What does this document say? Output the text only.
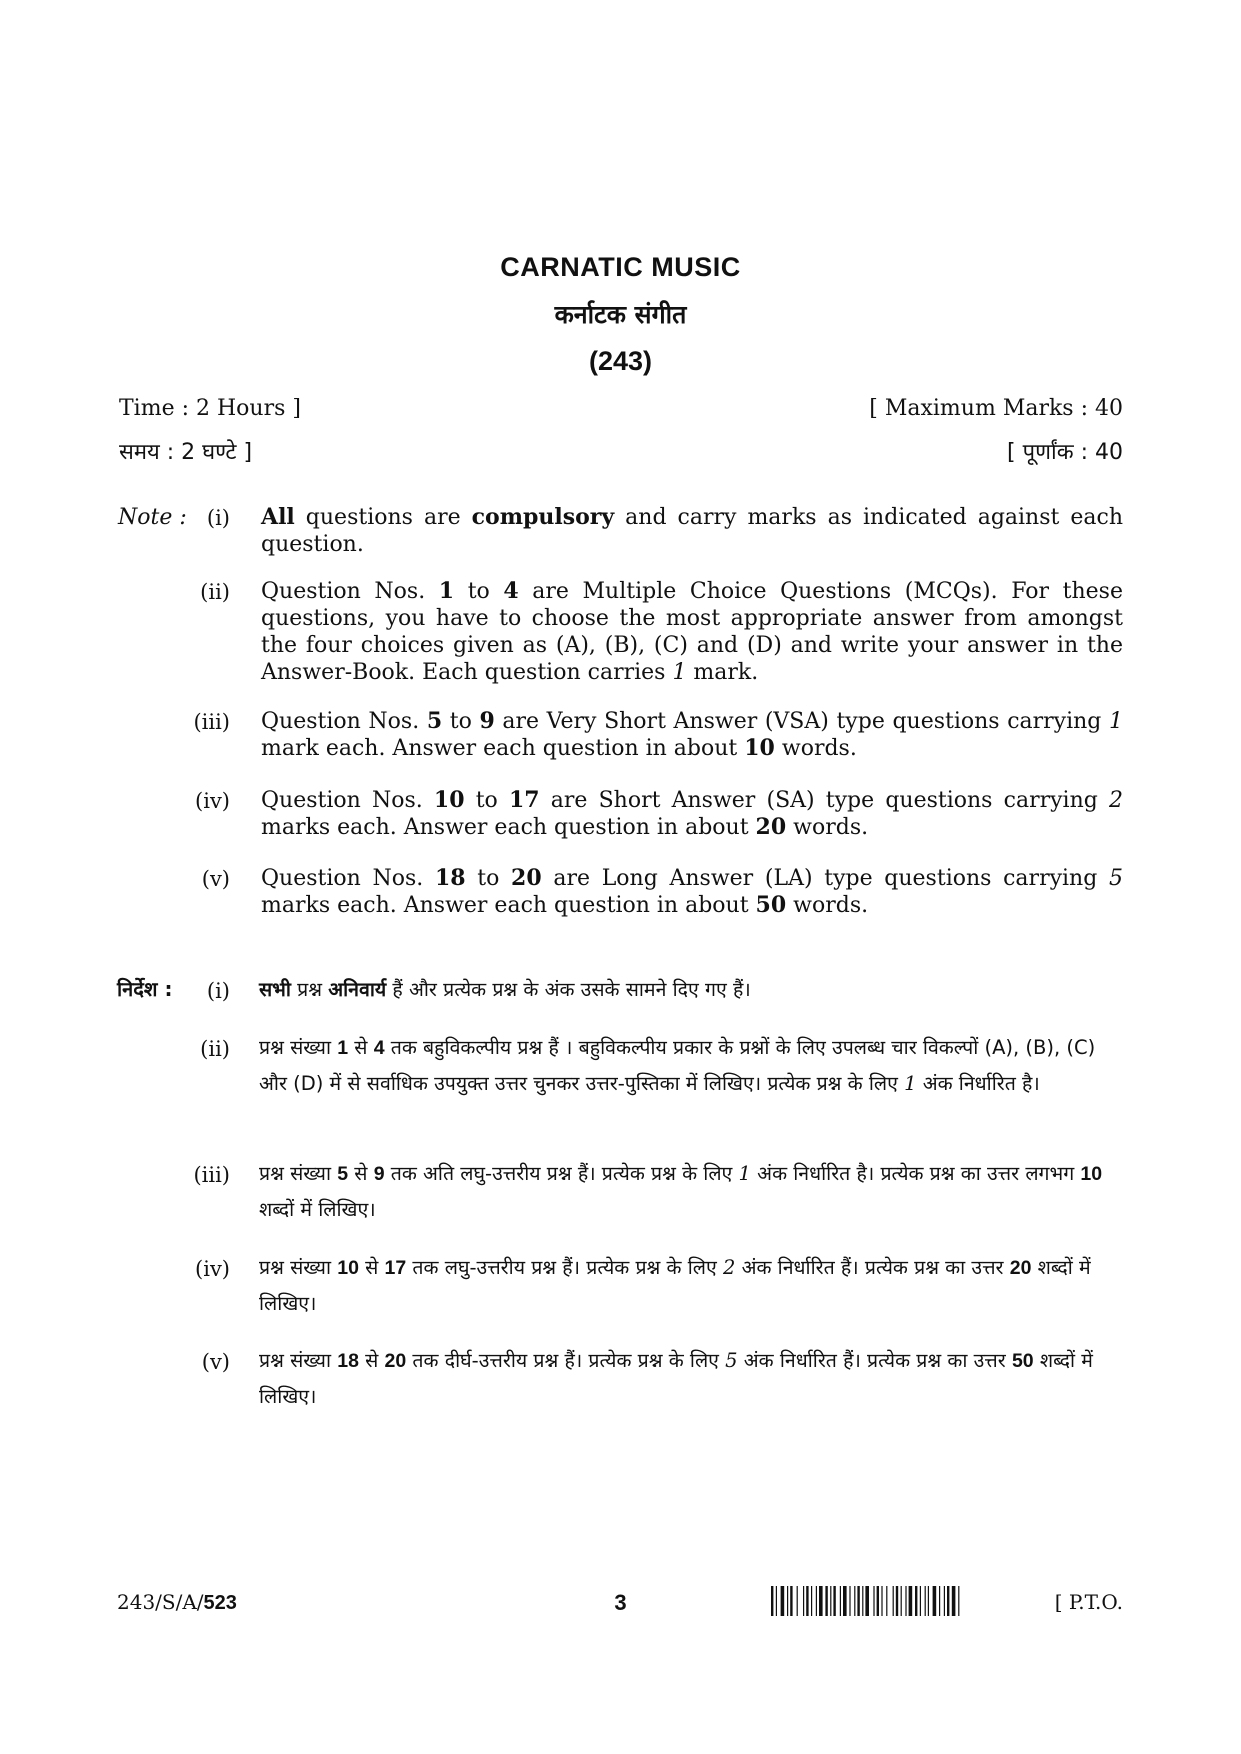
CARNATIC MUSIC
कर्नाटक संगीत
(243)
Time : 2 Hours ]
समय : 2 घण्टे ]
[ Maximum Marks : 40
[ पूर्णांक : 40
Note : (i) All questions are compulsory and carry marks as indicated against each question.
(ii) Question Nos. 1 to 4 are Multiple Choice Questions (MCQs). For these questions, you have to choose the most appropriate answer from amongst the four choices given as (A), (B), (C) and (D) and write your answer in the Answer-Book. Each question carries 1 mark.
(iii) Question Nos. 5 to 9 are Very Short Answer (VSA) type questions carrying 1 mark each. Answer each question in about 10 words.
(iv) Question Nos. 10 to 17 are Short Answer (SA) type questions carrying 2 marks each. Answer each question in about 20 words.
(v) Question Nos. 18 to 20 are Long Answer (LA) type questions carrying 5 marks each. Answer each question in about 50 words.
निर्देश :	(i) सभी प्रश्न अनिवार्य हैं और प्रत्येक प्रश्न के अंक उसके सामने दिए गए हैं।
(ii) प्रश्न संख्या 1 से 4 तक बहुविकल्पीय प्रश्न हैं । बहुविकल्पीय प्रकार के प्रश्नों के लिए उपलब्ध चार विकल्पों (A), (B), (C) और (D) में से सर्वाधिक उपयुक्त उत्तर चुनकर उत्तर-पुस्तिका में लिखिए। प्रत्येक प्रश्न के लिए 1 अंक निर्धारित है।
(iii) प्रश्न संख्या 5 से 9 तक अति लघु-उत्तरीय प्रश्न हैं। प्रत्येक प्रश्न के लिए 1 अंक निर्धारित है। प्रत्येक प्रश्न का उत्तर लगभग 10 शब्दों में लिखिए।
(iv) प्रश्न संख्या 10 से 17 तक लघु-उत्तरीय प्रश्न हैं। प्रत्येक प्रश्न के लिए 2 अंक निर्धारित हैं। प्रत्येक प्रश्न का उत्तर 20 शब्दों में लिखिए।
(v) प्रश्न संख्या 18 से 20 तक दीर्घ-उत्तरीय प्रश्न हैं। प्रत्येक प्रश्न के लिए 5 अंक निर्धारित हैं। प्रत्येक प्रश्न का उत्तर 50 शब्दों में लिखिए।
243/S/A/523	3	[ P.T.O.
